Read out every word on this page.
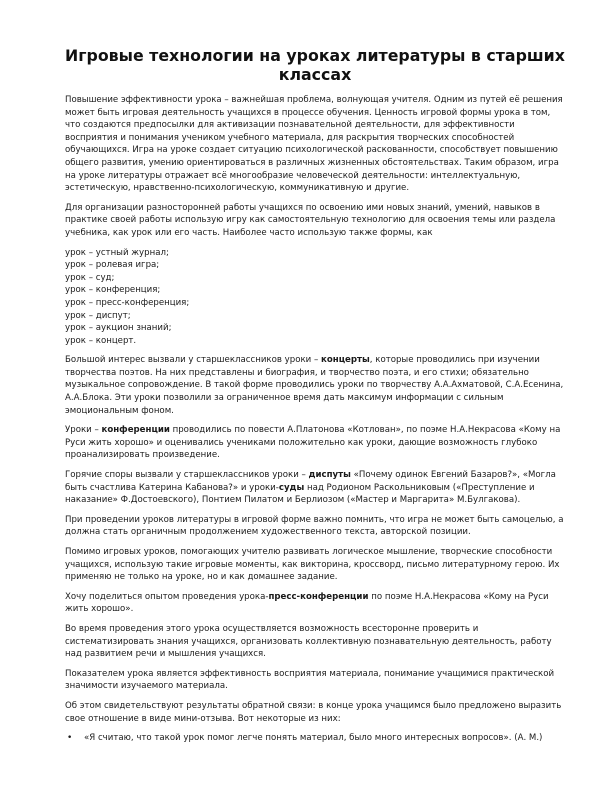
Игровые технологии на уроках литературы в старших классах

Повышение эффективности урока – важнейшая проблема, волнующая учителя. Одним из путей её решения может быть игровая деятельность учащихся в процессе обучения. Ценность игровой формы урока в том, что создаются предпосылки для активизации познавательной деятельности, для эффективности восприятия и понимания учеником учебного материала, для раскрытия творческих способностей обучающихся. Игра на уроке создает ситуацию психологической раскованности, способствует повышению общего развития, умению ориентироваться в различных жизненных обстоятельствах. Таким образом, игра на уроке литературы отражает всё многообразие человеческой деятельности: интеллектуальную, эстетическую, нравственно-психологическую, коммуникативную и другие.

Для организации разносторонней работы учащихся по освоению ими новых знаний, умений, навыков в практике своей работы использую игру как самостоятельную технологию для освоения темы или раздела учебника, как урок или его часть. Наиболее часто использую также формы, как

урок – устный журнал;
урок – ролевая игра;
урок – суд;
урок – конференция;
урок – пресс-конференция;
урок – диспут;
урок – аукцион знаний;
урок – концерт.

Большой интерес вызвали у старшеклассников уроки – концерты, которые проводились при изучении творчества поэтов. На них представлены и биография, и творчество поэта, и его стихи; обязательно музыкальное сопровождение. В такой форме проводились уроки по творчеству А.А.Ахматовой, С.А.Есенина, А.А.Блока. Эти уроки позволили за ограниченное время дать максимум информации с сильным эмоциональным фоном.

Уроки – конференции проводились по повести А.Платонова «Котлован», по поэме Н.А.Некрасова «Кому на Руси жить хорошо» и оценивались учениками положительно как уроки, дающие возможность глубоко проанализировать произведение.

Горячие споры вызвали у старшеклассников уроки – диспуты «Почему одинок Евгений Базаров?», «Могла быть счастлива Катерина Кабанова?» и уроки-суды над Родионом Раскольниковым («Преступление и наказание» Ф.Достоевского), Понтием Пилатом и Берлиозом («Мастер и Маргарита» М.Булгакова).

При проведении уроков литературы в игровой форме важно помнить, что игра не может быть самоцелью, а должна стать органичным продолжением художественного текста, авторской позиции.

Помимо игровых уроков, помогающих учителю развивать логическое мышление, творческие способности учащихся, использую такие игровые моменты, как викторина, кроссворд, письмо литературному герою. Их применяю не только на уроке, но и как домашнее задание.

Хочу поделиться опытом проведения урока-пресс-конференции по поэме Н.А.Некрасова «Кому на Руси жить хорошо».

Во время проведения этого урока осуществляется возможность всесторонне проверить и систематизировать знания учащихся, организовать коллективную познавательную деятельность, работу над развитием речи и мышления учащихся.

Показателем урока является эффективность восприятия материала, понимание учащимися практической значимости изучаемого материала.

Об этом свидетельствуют результаты обратной связи: в конце урока учащимся было предложено выразить свое отношение в виде мини-отзыва. Вот некоторые из них:

• «Я считаю, что такой урок помог легче понять материал, было много интересных вопросов». (А. М.)
